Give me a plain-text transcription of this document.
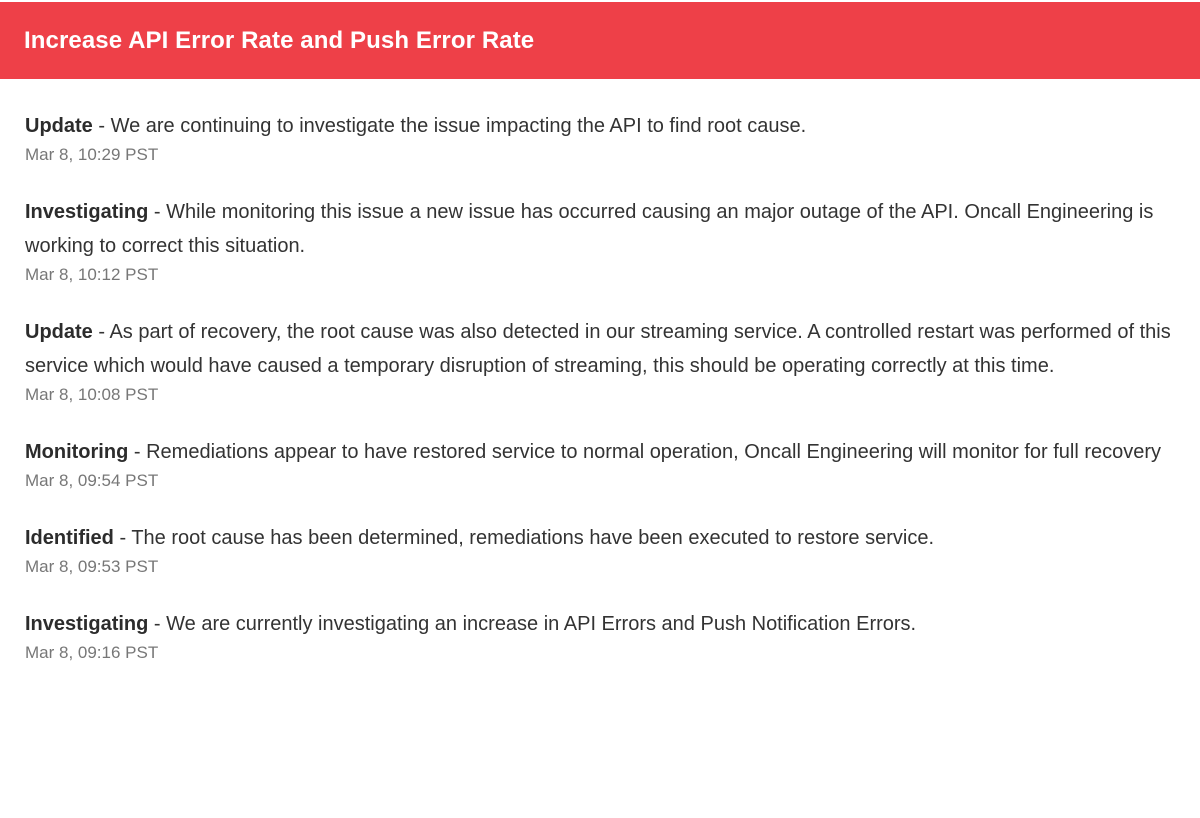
Increase API Error Rate and Push Error Rate

Update - We are continuing to investigate the issue impacting the API to find root cause.

Mar 8, 10:29 PST

Investigating - While monitoring this issue a new issue has occurred causing an major outage of the API. Oncall Engineering is working to correct this situation.

Mar 8, 10:12 PST

Update - As part of recovery, the root cause was also detected in our streaming service. A controlled restart was performed of this service which would have caused a temporary disruption of streaming, this should be operating correctly at this time.

Mar 8, 10:08 PST

Monitoring - Remediations appear to have restored service to normal operation, Oncall Engineering will monitor for full recovery

Mar 8, 09:54 PST

Identified - The root cause has been determined, remediations have been executed to restore service.

Mar 8, 09:53 PST

Investigating - We are currently investigating an increase in API Errors and Push Notification Errors.

Mar 8, 09:16 PST
